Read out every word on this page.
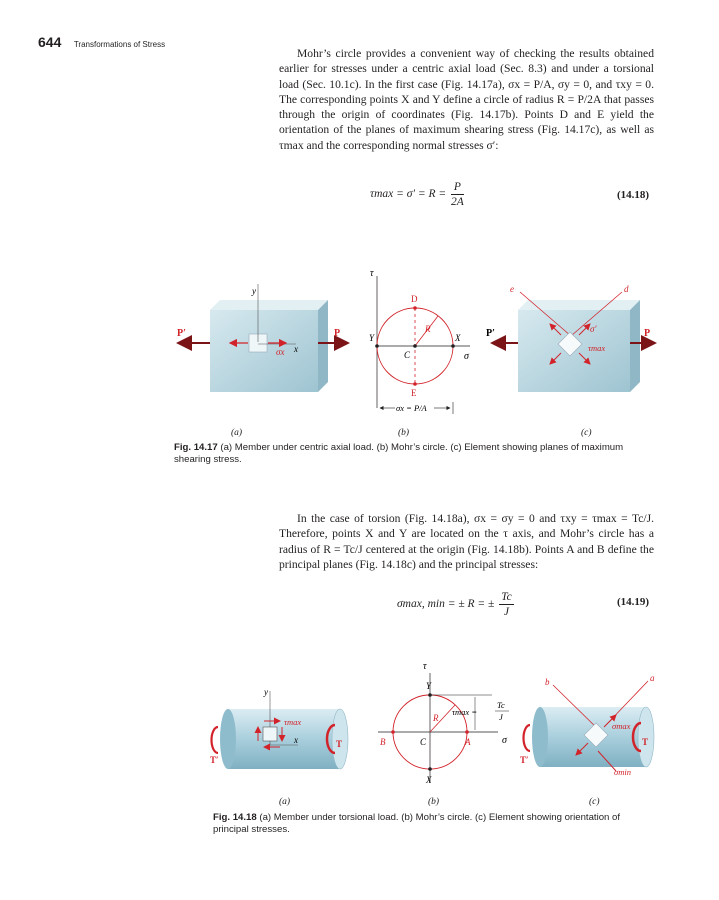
644 Transformations of Stress

Mohr’s circle provides a convenient way of checking the results obtained earlier for stresses under a centric axial load (Sec. 8.3) and under a torsional load (Sec. 10.1c). In the first case (Fig. 14.17a), σx = P/A, σy = 0, and τxy = 0. The corresponding points X and Y define a circle of radius R = P/2A that passes through the origin of coordinates (Fig. 14.17b). Points D and E yield the orientation of the planes of maximum shearing stress (Fig. 14.17c), as well as τmax and the corresponding normal stresses σ′:

$\tau\max = \sigma' = R = \frac{P}{2A}$	(14.18)
P′	P
y
x
σx
τ
σ
D
E
R
C
X
Y
σx = P/A
P′	P
e	d
σ′
τmax
(a)	(b)	(c)
Fig. 14.17 (a) Member under centric axial load. (b) Mohr’s circle. (c) Element showing planes of maximum shearing stress.

In the case of torsion (Fig. 14.18a), σx = σy = 0 and τxy = τmax = Tc/J. Therefore, points X and Y are located on the τ axis, and Mohr’s circle has a radius of R = Tc/J centered at the origin (Fig. 14.18b). Points A and B define the principal planes (Fig. 14.18c) and the principal stresses:

σmax, min = ± R = ± $\frac{Tc}{J}$	(14.19)
y
x
τmax
T
T′
τ
σ
Y
X
A
B	C
R
τmax =
Tc
J
b	a
σmax
σmin
T
T′
(a)	(b)	(c)
Fig. 14.18 (a) Member under torsional load. (b) Mohr’s circle. (c) Element showing orientation of principal stresses.
